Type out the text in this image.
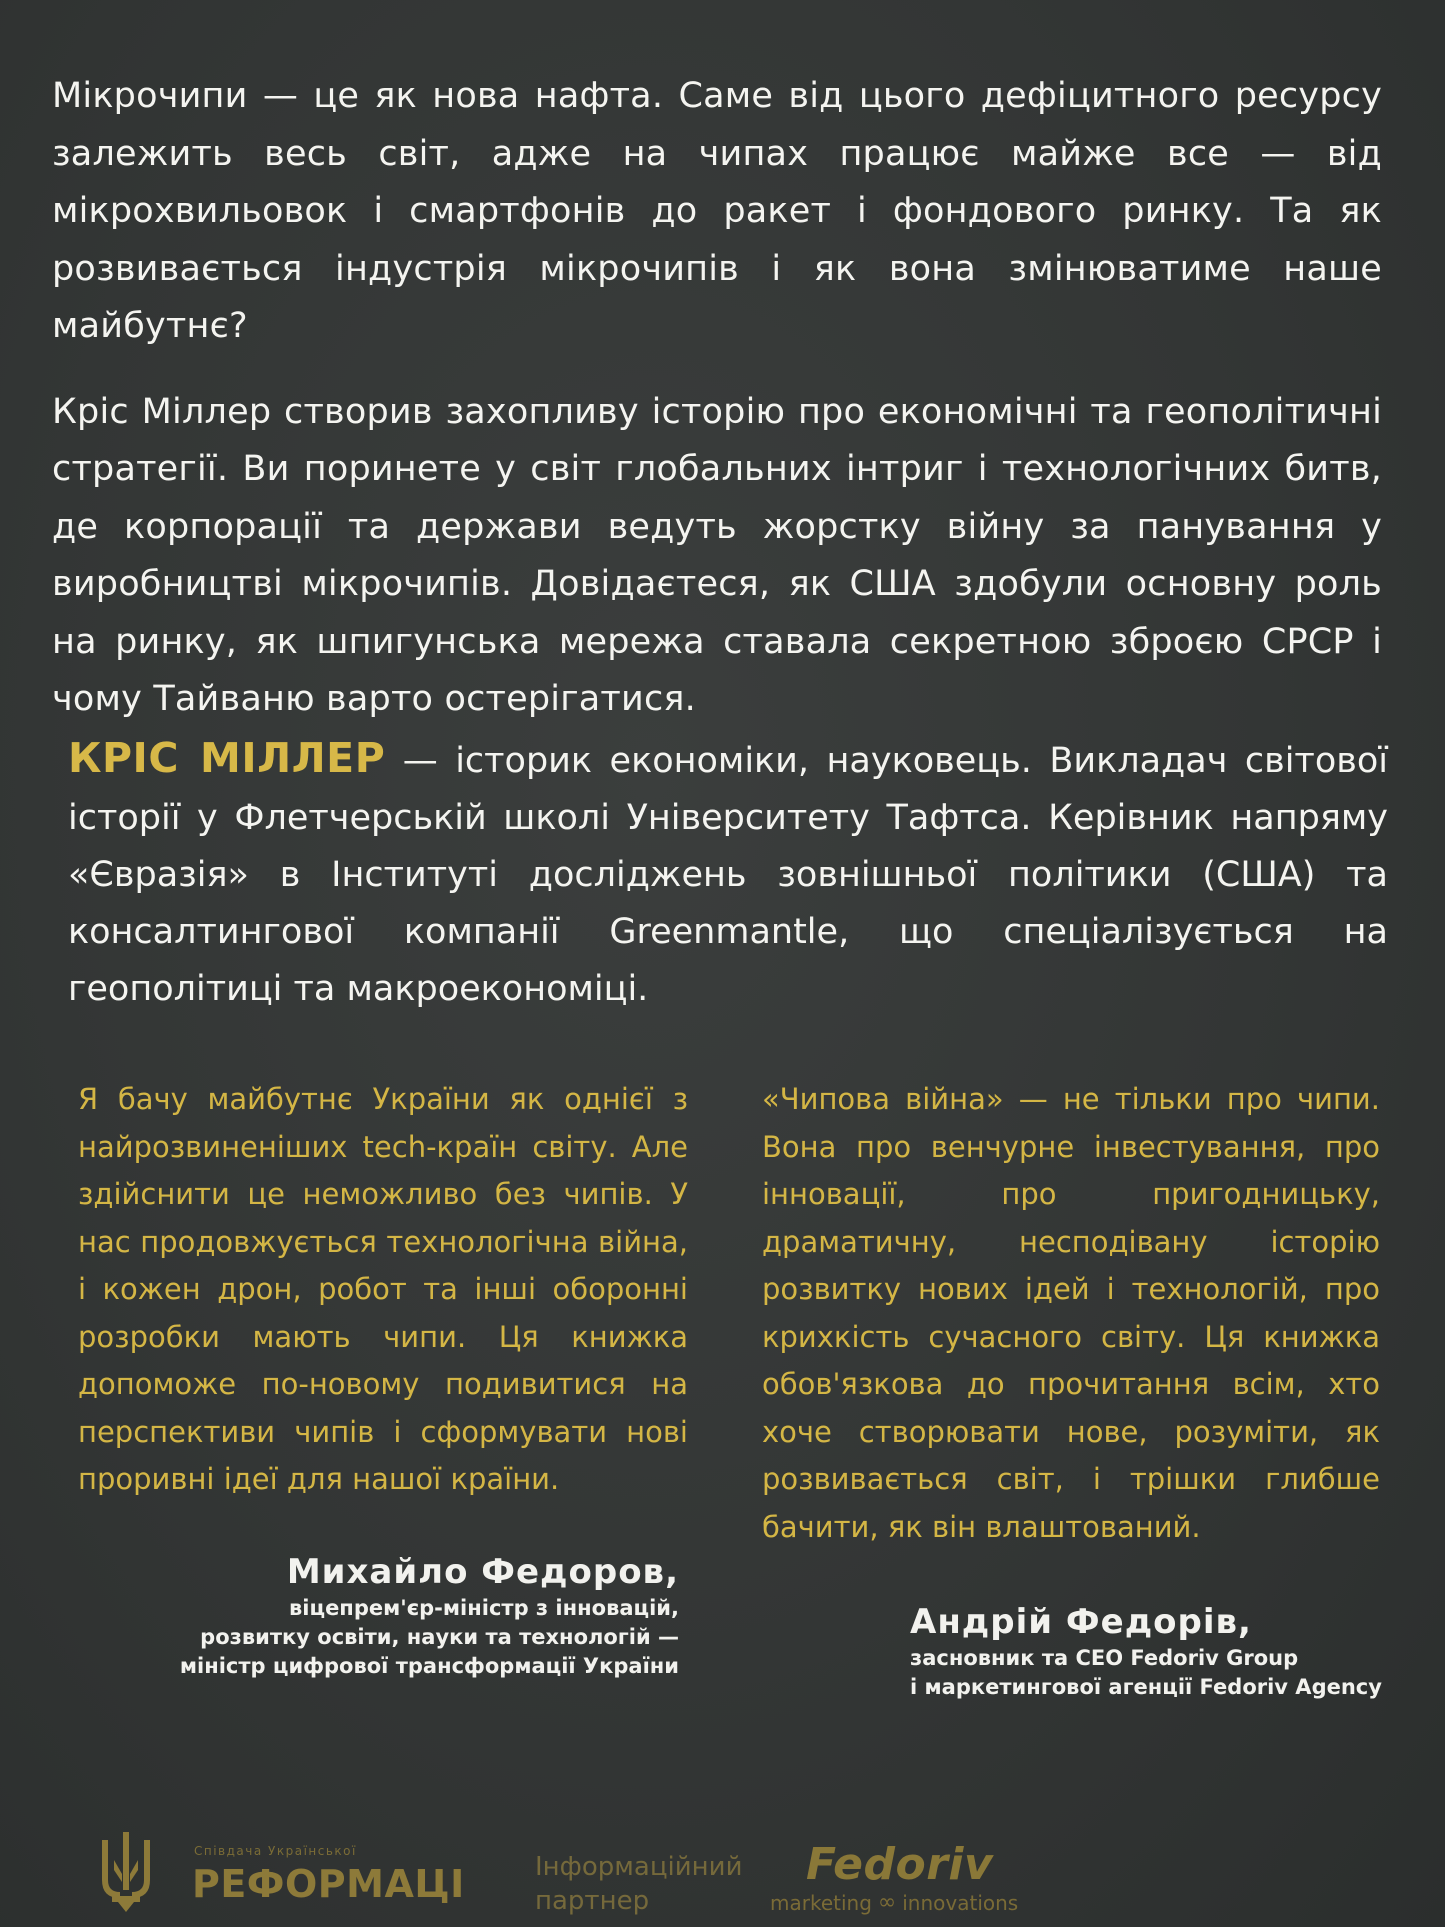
Мікрочипи — це як нова нафта. Саме від цього дефіцитного ресурсу залежить весь світ, адже на чипах працює майже все — від мікрохвильовок і смартфонів до ракет і фондового ринку. Та як розвивається індустрія мікрочипів і як вона змінюватиме наше майбутнє?

Кріс Міллер створив захопливу історію про економічні та геополітичні стратегії. Ви поринете у світ глобальних інтриг і технологічних битв, де корпорації та держави ведуть жорстку війну за панування у виробництві мікрочипів. Довідаєтеся, як США здобули основну роль на ринку, як шпигунська мережа ставала секретною зброєю СРСР і чому Тайваню варто остерігатися.

КРІС МІЛЛЕР — історик економіки, науковець. Викладач світової історії у Флетчерській школі Університету Тафтса. Керівник напряму «Євразія» в Інституті досліджень зовнішньої політики (США) та консалтингової компанії Greenmantle, що спеціалізується на геополітиці та макроекономіці.
Я бачу майбутнє України як однієї з найрозвиненіших tech-країн світу. Але здійснити це неможливо без чипів. У нас продовжується технологічна війна, і кожен дрон, робот та інші оборонні розробки мають чипи. Ця книжка допоможе по-новому подивитися на перспективи чипів і сформувати нові проривні ідеї для нашої країни.
«Чипова війна» — не тільки про чипи. Вона про венчурне інвестування, про інновації, про пригодницьку, драматичну, несподівану історію розвитку нових ідей і технологій, про крихкість сучасного світу. Ця книжка обов'язкова до прочитання всім, хто хоче створювати нове, розуміти, як розвивається світ, і трішки глибше бачити, як він влаштований.
Михайло Федоров,
віцепрем'єр-міністр з інновацій,
розвитку освіти, науки та технологій —
міністр цифрової трансформації України
Андрій Федорів,
засновник та CEO Fedoriv Group
і маркетингової агенції Fedoriv Agency
Співдача Української
РЕФОРМАЦІ	Інформаційний
партнер
Fedoriv
marketing ∞ innovations
